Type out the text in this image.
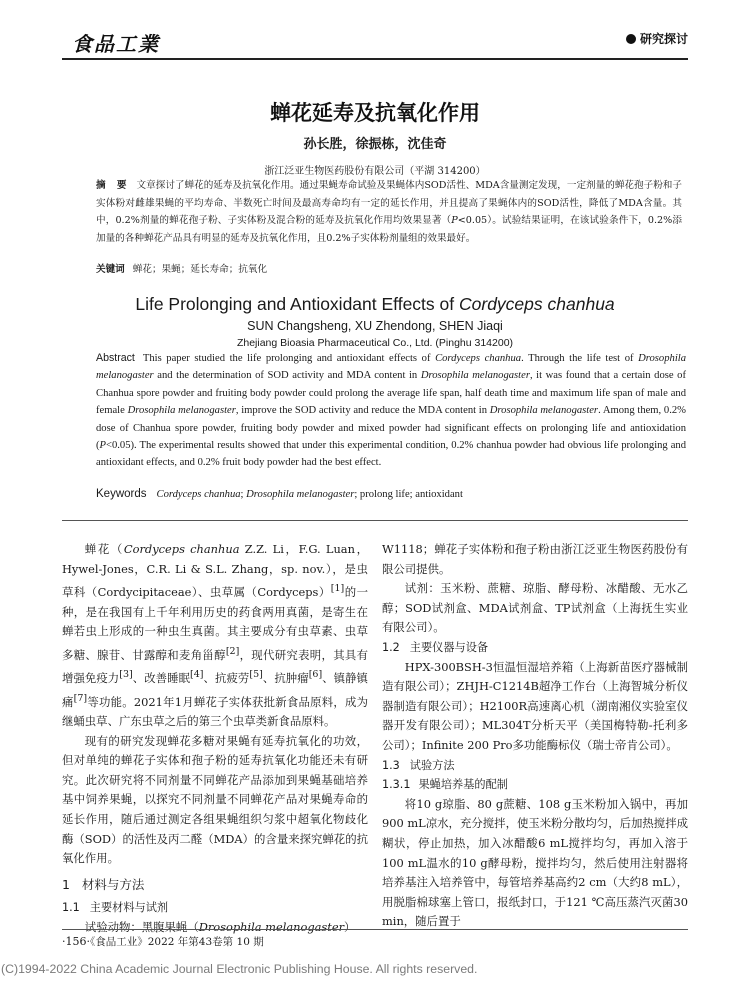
食品工業	研究探讨
蝉花延寿及抗氧化作用
孙长胜，徐振栋，沈佳奇
浙江泛亚生物医药股份有限公司（平湖 314200）
摘 要 文章探讨了蝉花的延寿及抗氧化作用。通过果蝇寿命试验及果蝇体内SOD活性、MDA含量测定发现，一定剂量的蝉花孢子粉和子实体粉对雌雄果蝇的平均寿命、半数死亡时间及最高寿命均有一定的延长作用，并且提高了果蝇体内的SOD活性，降低了MDA含量。其中，0.2%剂量的蝉花孢子粉、子实体粉及混合粉的延寿及抗氧化作用均效果显著（P<0.05）。试验结果证明，在该试验条件下，0.2%添加量的各种蝉花产品具有明显的延寿及抗氧化作用，且0.2%子实体粉剂量组的效果最好。
关键词 蝉花；果蝇；延长寿命；抗氧化
Life Prolonging and Antioxidant Effects of Cordyceps chanhua
SUN Changsheng, XU Zhendong, SHEN Jiaqi
Zhejiang Bioasia Pharmaceutical Co., Ltd. (Pinghu 314200)
Abstract This paper studied the life prolonging and antioxidant effects of Cordyceps chanhua. Through the life test of Drosophila melanogaster and the determination of SOD activity and MDA content in Drosophila melanogaster, it was found that a certain dose of Chanhua spore powder and fruiting body powder could prolong the average life span, half death time and maximum life span of male and female Drosophila melanogaster, improve the SOD activity and reduce the MDA content in Drosophila melanogaster. Among them, 0.2% dose of Chanhua spore powder, fruiting body powder and mixed powder had significant effects on prolonging life and antioxidation (P<0.05). The experimental results showed that under this experimental condition, 0.2% chanhua powder had obvious life prolonging and antioxidant effects, and 0.2% fruit body powder had the best effect.
Keywords Cordyceps chanhua; Drosophila melanogaster; prolong life; antioxidant

蝉花（Cordyceps chanhua Z.Z. Li，F.G. Luan，Hywel-Jones，C.R. Li & S.L. Zhang，sp. nov.），是虫草科（Cordycipitaceae）、虫草属（Cordyceps）[1]的一种，是在我国有上千年利用历史的药食两用真菌，是寄生在蝉若虫上形成的一种虫生真菌。其主要成分有虫草素、虫草多糖、腺苷、甘露醇和麦角甾醇[2]，现代研究表明，其具有增强免疫力[3]、改善睡眠[4]、抗疲劳[5]、抗肿瘤[6]、镇静镇痛[7]等功能。2021年1月蝉花子实体获批新食品原料，成为继蛹虫草、广东虫草之后的第三个虫草类新食品原料。

现有的研究发现蝉花多糖对果蝇有延寿抗氧化的功效，但对单纯的蝉花子实体和孢子粉的延寿抗氧化功能还未有研究。此次研究将不同剂量不同蝉花产品添加到果蝇基础培养基中饲养果蝇，以探究不同剂量不同蝉花产品对果蝇寿命的延长作用，随后通过测定各组果蝇组织匀浆中超氧化物歧化酶（SOD）的活性及丙二醛（MDA）的含量来探究蝉花的抗氧化作用。

1 材料与方法
1.1 主要材料与试剂

试验动物：黑腹果蝇（Drosophila melanogaster）

W1118；蝉花子实体粉和孢子粉由浙江泛亚生物医药股份有限公司提供。

试剂：玉米粉、蔗糖、琼脂、酵母粉、冰醋酸、无水乙醇；SOD试剂盒、MDA试剂盒、TP试剂盒（上海抚生实业有限公司）。

1.2 主要仪器与设备

HPX-300BSH-3恒温恒湿培养箱（上海新苗医疗器械制造有限公司）；ZHJH-C1214B超净工作台（上海智城分析仪器制造有限公司）；H2100R高速离心机（湖南湘仪实验室仪器开发有限公司）；ML304T分析天平（美国梅特勒-托利多公司）；Infinite 200 Pro多功能酶标仪（瑞士帝肯公司）。

1.3 试验方法
1.3.1 果蝇培养基的配制

将10 g琼脂、80 g蔗糖、108 g玉米粉加入锅中，再加900 mL凉水，充分搅拌，使玉米粉分散均匀，后加热搅拌成糊状，停止加热，加入冰醋酸6 mL搅拌均匀，再加入溶于100 mL温水的10 g酵母粉，搅拌均匀，然后使用注射器将培养基注入培养管中，每管培养基高约2 cm（大约8 mL），用脱脂棉球塞上管口，报纸封口，于121 ℃高压蒸汽灭菌30 min，随后置于

·156·《食品工业》2022 年第43卷第 10 期
(C)1994-2022 China Academic Journal Electronic Publishing House. All rights reserved.
